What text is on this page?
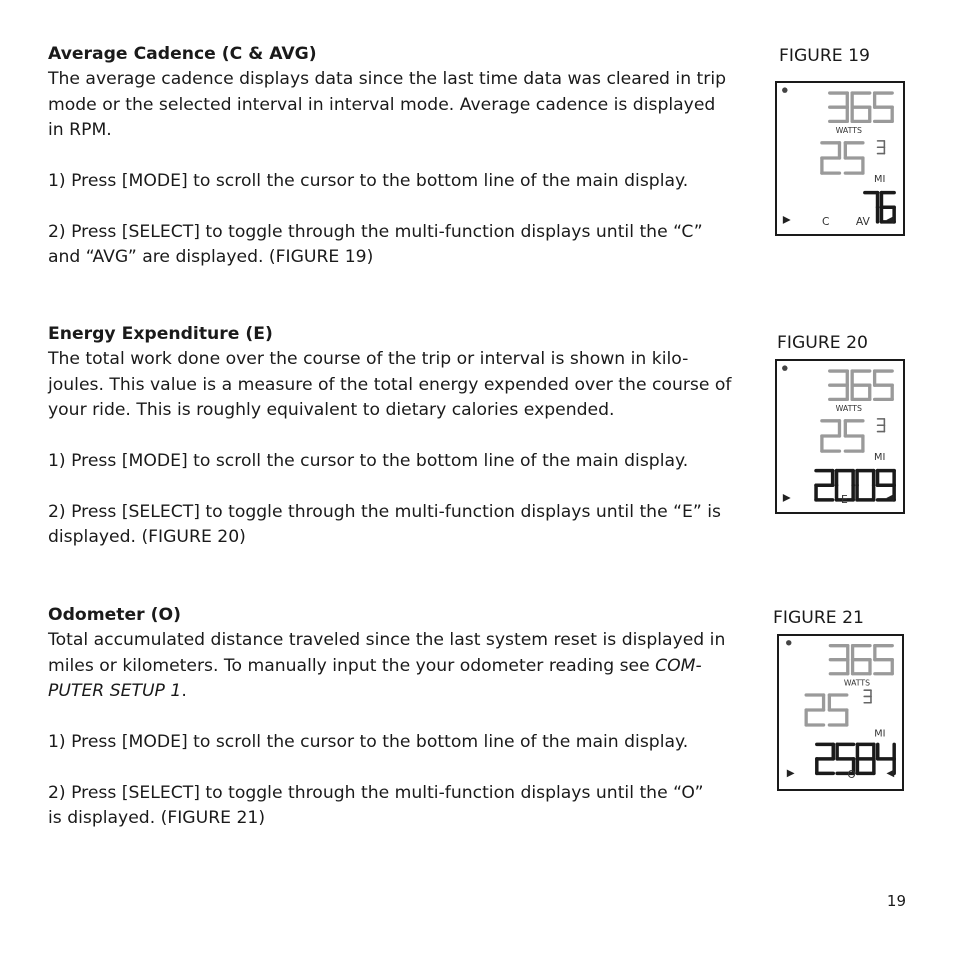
Average Cadence (C & AVG)

The average cadence displays data since the last time data was cleared in trip

mode or the selected interval in interval mode. Average cadence is displayed

in RPM.

1) Press [MODE] to scroll the cursor to the bottom line of the main display.

2) Press [SELECT] to toggle through the multi-function displays until the “C”

and “AVG” are displayed. (FIGURE 19)

Energy Expenditure (E)

The total work done over the course of the trip or interval is shown in kilo-

joules. This value is a measure of the total energy expended over the course of

your ride. This is roughly equivalent to dietary calories expended.

1) Press [MODE] to scroll the cursor to the bottom line of the main display.

2) Press [SELECT] to toggle through the multi-function displays until the “E” is

displayed. (FIGURE 20)

Odometer (O)

Total accumulated distance traveled since the last system reset is displayed in

miles or kilometers. To manually input the your odometer reading see COM-

PUTER SETUP 1.

1) Press [MODE] to scroll the cursor to the bottom line of the main display.

2) Press [SELECT] to toggle through the multi-function displays until the “O”

is displayed. (FIGURE 21)

FIGURE 19
FIGURE 20
FIGURE 21
WATTS
MI
C AV
WATTS
MI
E
WATTS
MI
O
19
